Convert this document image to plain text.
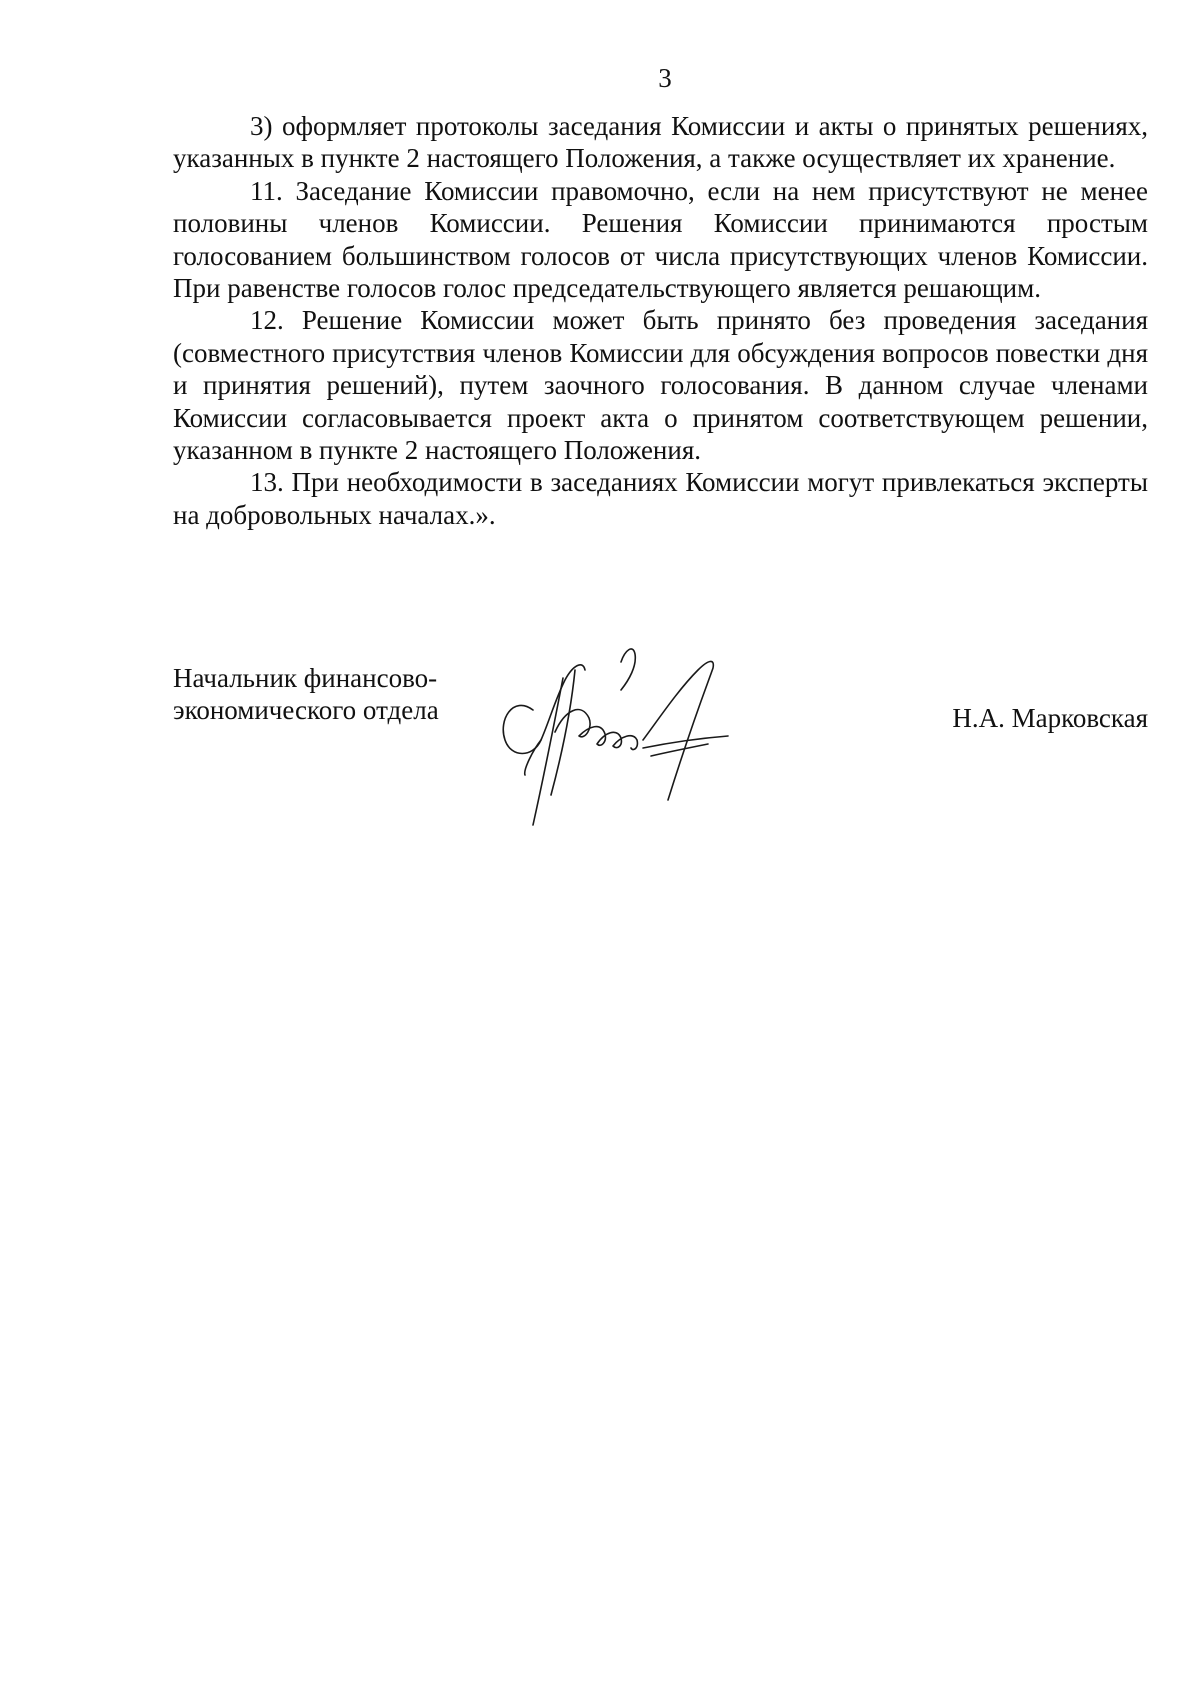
3

3) оформляет протоколы заседания Комиссии и акты о принятых решениях, указанных в пункте 2 настоящего Положения, а также осуществляет их хранение.

11. Заседание Комиссии правомочно, если на нем присутствуют не менее половины членов Комиссии. Решения Комиссии принимаются простым голосованием большинством голосов от числа присутствующих членов Комиссии. При равенстве голосов голос председательствующего является решающим.

12. Решение Комиссии может быть принято без проведения заседания (совместного присутствия членов Комиссии для обсуждения вопросов повестки дня и принятия решений), путем заочного голосования. В данном случае членами Комиссии согласовывается проект акта о принятом соответствующем решении, указанном в пункте 2 настоящего Положения.

13. При необходимости в заседаниях Комиссии могут привлекаться эксперты на добровольных началах.».

Начальник финансово-
экономического отдела	Н.А. Марковская
